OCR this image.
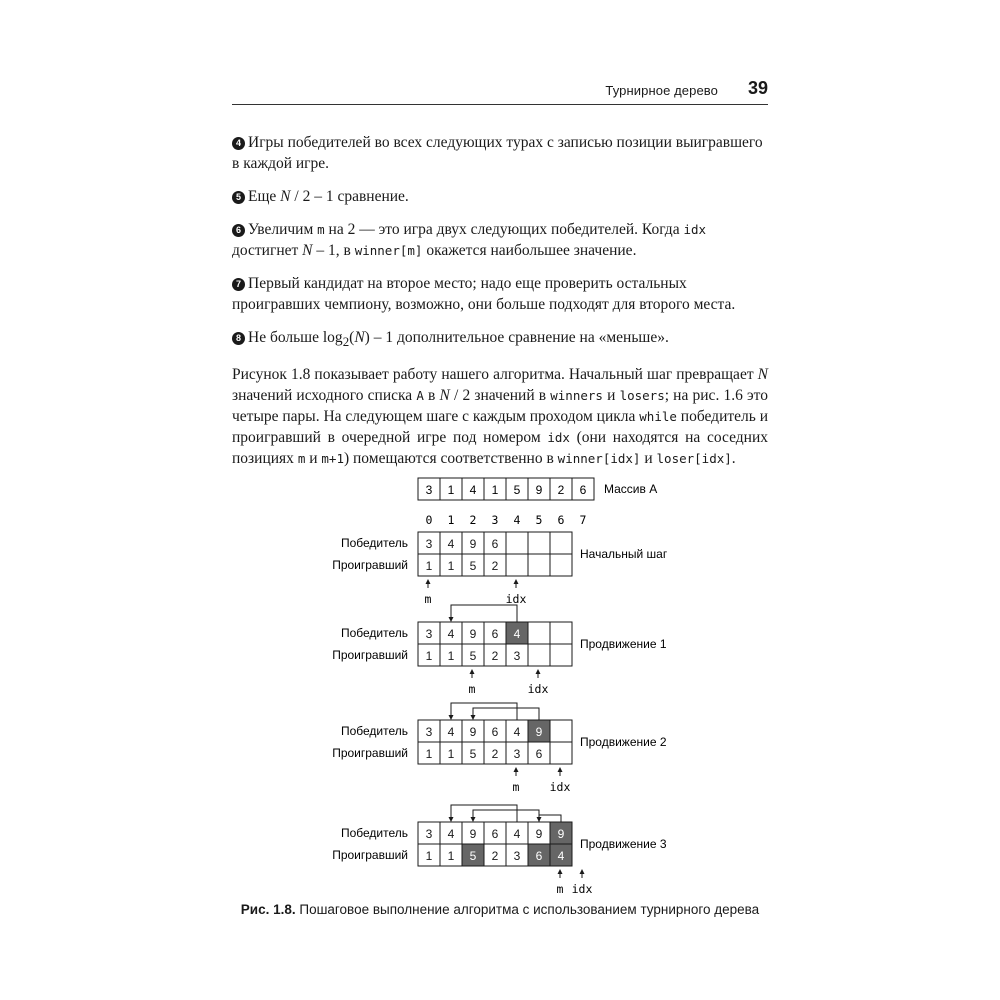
Турнирное дерево 39

4 Игры победителей во всех следующих турах с записью позиции выигравшего в каждой игре.

5 Еще N / 2 – 1 сравнение.

6 Увеличим m на 2 — это игра двух следующих победителей. Когда idx достигнет N – 1, в winner[m] окажется наибольшее значение.

7 Первый кандидат на второе место; надо еще проверить остальных проигравших чемпиону, возможно, они больше подходят для второго места.

8 Не больше $\log_2(N) - 1$ дополнительное сравнение на «меньше».

Рисунок 1.8 показывает работу нашего алгоритма. Начальный шаг превращает N значений исходного списка A в N / 2 значений в winners и losers; на рис. 1.6 это четыре пары. На следующем шаге с каждым проходом цикла while победитель и проигравший в очередной игре под номером idx (они находятся на соседних позициях m и m+1) помещаются соответственно в winner[idx] и loser[idx].

3 1 4 1 5 9 2 6 Массив A
0 1 2 3 4 5 6 7
Победитель
Проигравший
3 4 9 6
1 1 5 2
Начальный шаг
m	idx
Победитель
Проигравший
3 4 9 6 4
1 1 5 2 3
Продвижение 1
m	idx
Победитель
Проигравший
3 4 9 6 4 9
1 1 5 2 3 6
Продвижение 2
m	idx
Победитель
Проигравший
3 4 9 6 4 9 9
1 1 5 2 3 6 4
Продвижение 3
m idx
Рис. 1.8. Пошаговое выполнение алгоритма с использованием турнирного дерева
